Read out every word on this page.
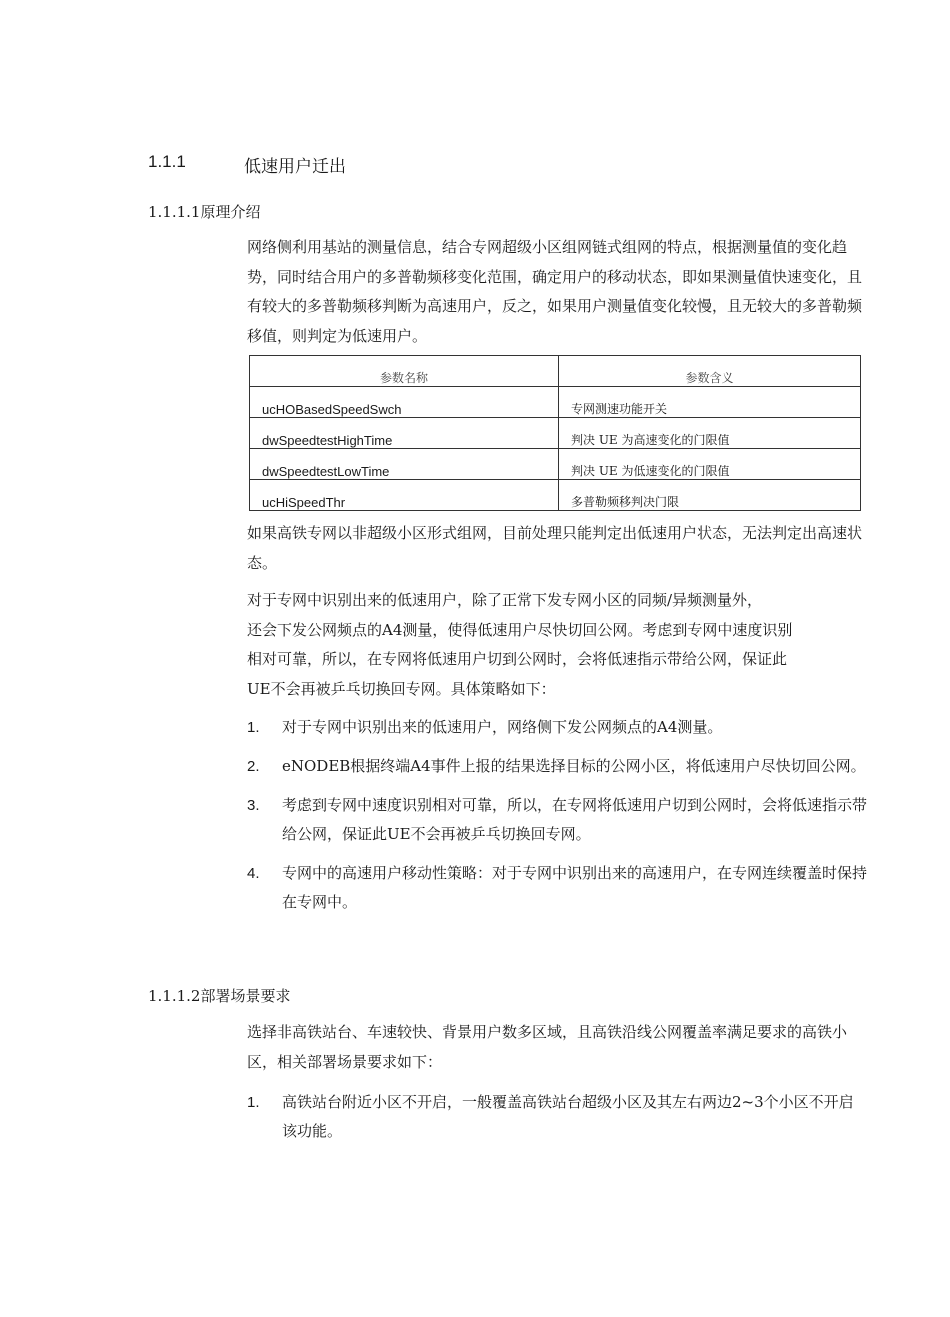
1.1.1	低速用户迁出
1.1.1.1原理介绍

网络侧利用基站的测量信息，结合专网超级小区组网链式组网的特点，根据测量值的变化趋势，同时结合用户的多普勒频移变化范围，确定用户的移动状态，即如果测量值快速变化，且有较大的多普勒频移判断为高速用户，反之，如果用户测量值变化较慢，且无较大的多普勒频移值，则判定为低速用户。

参数名称	参数含义
ucHOBasedSpeedSwch	专网测速功能开关
dwSpeedtestHighTime	判决 UE 为高速变化的门限值
dwSpeedtestLowTime	判决 UE 为低速变化的门限值
ucHiSpeedThr	多普勒频移判决门限

如果高铁专网以非超级小区形式组网，目前处理只能判定出低速用户状态，无法判定出高速状态。

对于专网中识别出来的低速用户，除了正常下发专网小区的同频/异频测量外，
还会下发公网频点的A4测量，使得低速用户尽快切回公网。考虑到专网中速度识别
相对可靠，所以，在专网将低速用户切到公网时，会将低速指示带给公网，保证此
UE不会再被乒乓切换回专网。具体策略如下：
1. 对于专网中识别出来的低速用户，网络侧下发公网频点的A4测量。
2. eNODEB根据终端A4事件上报的结果选择目标的公网小区，将低速用户尽快切回公网。
3. 考虑到专网中速度识别相对可靠，所以，在专网将低速用户切到公网时，会将低速指示带给公网，保证此UE不会再被乒乓切换回专网。
4. 专网中的高速用户移动性策略：对于专网中识别出来的高速用户，在专网连续覆盖时保持在专网中。
1.1.1.2部署场景要求

选择非高铁站台、车速较快、背景用户数多区域，且高铁沿线公网覆盖率满足要求的高铁小区，相关部署场景要求如下：

1. 高铁站台附近小区不开启，一般覆盖高铁站台超级小区及其左右两边2~3个小区不开启该功能。
